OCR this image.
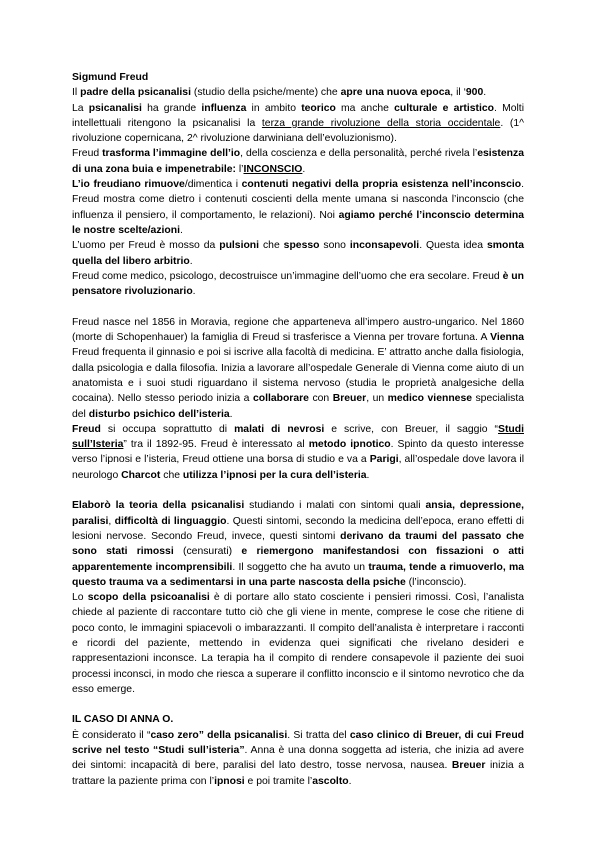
Sigmund Freud

Il padre della psicanalisi (studio della psiche/mente) che apre una nuova epoca, il ‘900.

La psicanalisi ha grande influenza in ambito teorico ma anche culturale e artistico. Molti intellettuali ritengono la psicanalisi la terza grande rivoluzione della storia occidentale. (1^ rivoluzione copernicana, 2^ rivoluzione darwiniana dell’evoluzionismo).

Freud trasforma l’immagine dell’io, della coscienza e della personalità, perché rivela l’esistenza di una zona buia e impenetrabile: l’INCONSCIO.

L’io freudiano rimuove/dimentica i contenuti negativi della propria esistenza nell’inconscio. Freud mostra come dietro i contenuti coscienti della mente umana si nasconda l’inconscio (che influenza il pensiero, il comportamento, le relazioni). Noi agiamo perché l’inconscio determina le nostre scelte/azioni.

L’uomo per Freud è mosso da pulsioni che spesso sono inconsapevoli. Questa idea smonta quella del libero arbitrio.

Freud come medico, psicologo, decostruisce un’immagine dell’uomo che era secolare. Freud è un pensatore rivoluzionario.

Freud nasce nel 1856 in Moravia, regione che apparteneva all’impero austro-ungarico. Nel 1860 (morte di Schopenhauer) la famiglia di Freud si trasferisce a Vienna per trovare fortuna. A Vienna Freud frequenta il ginnasio e poi si iscrive alla facoltà di medicina. E’ attratto anche dalla fisiologia, dalla psicologia e dalla filosofia. Inizia a lavorare all’ospedale Generale di Vienna come aiuto di un anatomista e i suoi studi riguardano il sistema nervoso (studia le proprietà analgesiche della cocaina). Nello stesso periodo inizia a collaborare con Breuer, un medico viennese specialista del disturbo psichico dell’isteria.

Freud si occupa soprattutto di malati di nevrosi e scrive, con Breuer, il saggio “Studi sull’Isteria” tra il 1892-95. Freud è interessato al metodo ipnotico. Spinto da questo interesse verso l’ipnosi e l’isteria, Freud ottiene una borsa di studio e va a Parigi, all’ospedale dove lavora il neurologo Charcot che utilizza l’ipnosi per la cura dell’isteria.

Elaborò la teoria della psicanalisi studiando i malati con sintomi quali ansia, depressione, paralisi, difficoltà di linguaggio. Questi sintomi, secondo la medicina dell’epoca, erano effetti di lesioni nervose. Secondo Freud, invece, questi sintomi derivano da traumi del passato che sono stati rimossi (censurati) e riemergono manifestandosi con fissazioni o atti apparentemente incomprensibili. Il soggetto che ha avuto un trauma, tende a rimuoverlo, ma questo trauma va a sedimentarsi in una parte nascosta della psiche (l’inconscio).

Lo scopo della psicoanalisi è di portare allo stato cosciente i pensieri rimossi. Così, l’analista chiede al paziente di raccontare tutto ciò che gli viene in mente, comprese le cose che ritiene di poco conto, le immagini spiacevoli o imbarazzanti. Il compito dell’analista è interpretare i racconti e ricordi del paziente, mettendo in evidenza quei significati che rivelano desideri e rappresentazioni inconsce. La terapia ha il compito di rendere consapevole il paziente dei suoi processi inconsci, in modo che riesca a superare il conflitto inconscio e il sintomo nevrotico che da esso emerge.

IL CASO DI ANNA O.

È considerato il “caso zero” della psicanalisi. Si tratta del caso clinico di Breuer, di cui Freud scrive nel testo “Studi sull’isteria”. Anna è una donna soggetta ad isteria, che inizia ad avere dei sintomi: incapacità di bere, paralisi del lato destro, tosse nervosa, nausea. Breuer inizia a trattare la paziente prima con l’ipnosi e poi tramite l’ascolto.
